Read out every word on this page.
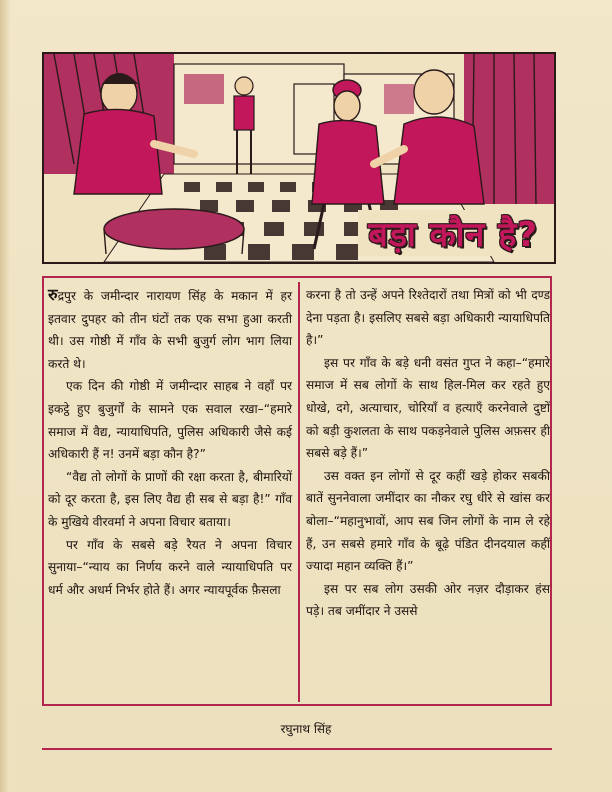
बड़ा कौन है?

रुद्रपुर के जमीन्दार नारायण सिंह के मकान में हर इतवार दुपहर को तीन घंटों तक एक सभा हुआ करती थी। उस गोष्ठी में गाँव के सभी बुजुर्ग लोग भाग लिया करते थे।

एक दिन की गोष्ठी में जमीन्दार साहब ने वहाँ पर इकट्ठे हुए बुजुर्गों के सामने एक सवाल रखा–“हमारे समाज में वैद्य, न्यायाधिपति, पुलिस अधिकारी जैसे कई अधिकारी हैं न! उनमें बड़ा कौन है?”

“वैद्य तो लोगों के प्राणों की रक्षा करता है, बीमारियों को दूर करता है, इस लिए वैद्य ही सब से बड़ा है!” गाँव के मुखिये वीरवर्मा ने अपना विचार बताया।

पर गाँव के सबसे बड़े रैयत ने अपना विचार सुनाया–“न्याय का निर्णय करने वाले न्यायाधिपति पर धर्म और अधर्म निर्भर होते हैं। अगर न्यायपूर्वक फ़ैसला

करना है तो उन्हें अपने रिश्तेदारों तथा मित्रों को भी दण्ड देना पड़ता है। इसलिए सबसे बड़ा अधिकारी न्यायाधिपति है।”

इस पर गाँव के बड़े धनी वसंत गुप्त ने कहा–“हमारे समाज में सब लोगों के साथ हिल-मिल कर रहते हुए धोखे, दगे, अत्याचार, चोरियाँ व हत्याएँ करनेवाले दुष्टों को बड़ी कुशलता के साथ पकड़नेवाले पुलिस अफ़सर ही सबसे बड़े हैं।”

उस वक्त इन लोगों से दूर कहीं खड़े होकर सबकी बातें सुननेवाला जमींदार का नौकर रघु धीरे से खांस कर बोला–“महानुभावों, आप सब जिन लोगों के नाम ले रहे हैं, उन सबसे हमारे गाँव के बूढ़े पंडित दीनदयाल कहीं ज्यादा महान व्यक्ति हैं।”

इस पर सब लोग उसकी ओर नज़र दौड़ाकर हंस पड़े। तब जमींदार ने उससे

रघुनाथ सिंह
